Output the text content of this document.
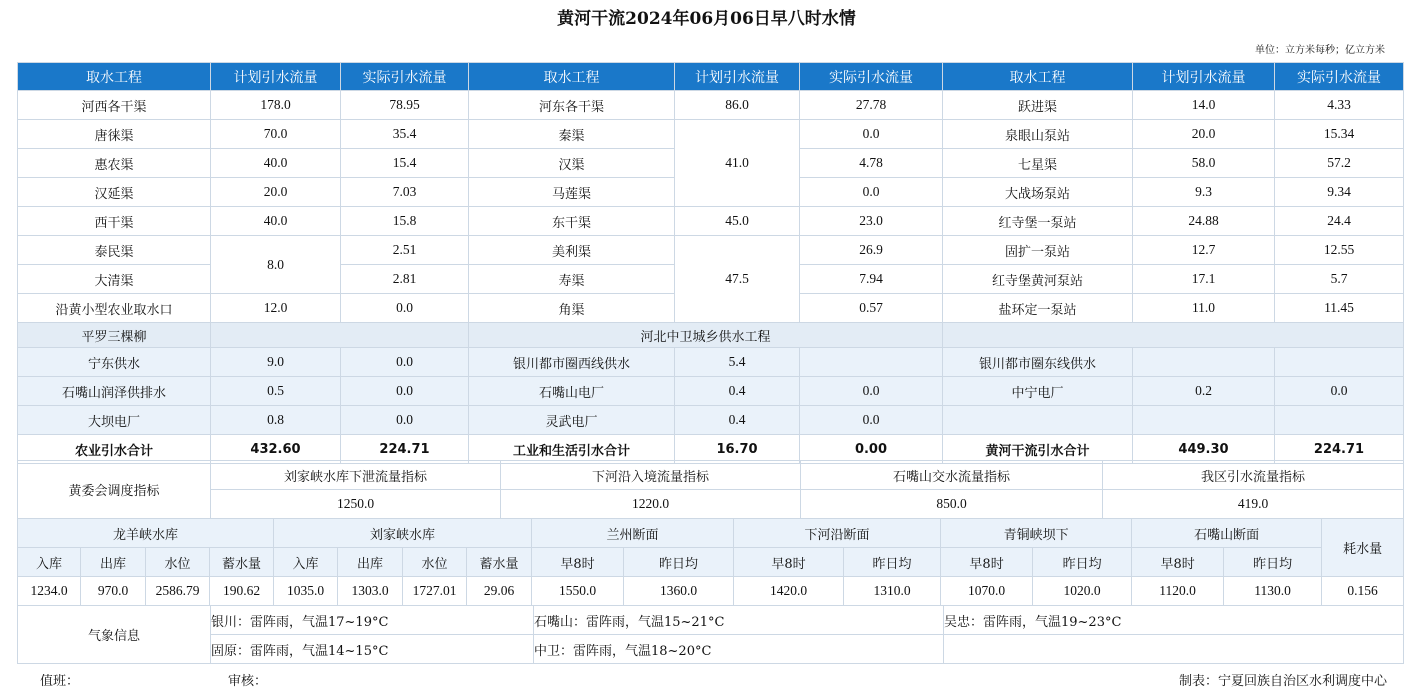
黄河干流2024年06月06日早八时水情
单位：立方米每秒；亿立方米
取水工程	计划引水流量	实际引水流量	取水工程	计划引水流量	实际引水流量	取水工程	计划引水流量	实际引水流量
河西各干渠	178.0	78.95	河东各干渠	86.0	27.78	跃进渠	14.0	4.33
唐徕渠	70.0	35.4	秦渠	41.0	0.0	泉眼山泵站	20.0	15.34
惠农渠	40.0	15.4	汉渠		4.78	七星渠	58.0	57.2
汉延渠	20.0	7.03	马莲渠		0.0	大战场泵站	9.3	9.34
西干渠	40.0	15.8	东干渠	45.0	23.0	红寺堡一泵站	24.88	24.4
泰民渠	8.0	2.51	美利渠	47.5	26.9	固扩一泵站	12.7	12.55
大清渠		2.81	寿渠		7.94	红寺堡黄河泵站	17.1	5.7
沿黄小型农业取水口	12.0	0.0	角渠		0.57	盐环定一泵站	11.0	11.45
平罗三棵柳			河北中卫城乡供水工程					
宁东供水	9.0	0.0	银川都市圈西线供水	5.4		银川都市圈东线供水		
石嘴山润泽供排水	0.5	0.0	石嘴山电厂	0.4	0.0	中宁电厂	0.2	0.0
大坝电厂	0.8	0.0	灵武电厂	0.4	0.0			
农业引水合计	432.60	224.71	工业和生活引水合计	16.70	0.00	黄河干流引水合计	449.30	224.71
黄委会调度指标	刘家峡水库下泄流量指标	下河沿入境流量指标	石嘴山交水流量指标	我区引水流量指标
	1250.0	1220.0	850.0	419.0
龙羊峡水库				刘家峡水库				兰州断面		下河沿断面		青铜峡坝下		石嘴山断面		耗水量
入库	出库	水位	蓄水量	入库	出库	水位	蓄水量	早8时	昨日均	早8时	昨日均	早8时	昨日均	早8时	昨日均	
1234.0	970.0	2586.79	190.62	1035.0	1303.0	1727.01	29.06	1550.0	1360.0	1420.0	1310.0	1070.0	1020.0	1120.0	1130.0	0.156
气象信息	银川：雷阵雨，气温17~19°C	石嘴山：雷阵雨，气温15~21°C	吴忠：雷阵雨，气温19~23°C
	固原：雷阵雨，气温14~15°C	中卫：雷阵雨，气温18~20°C	
值班：	审核：	制表：宁夏回族自治区水利调度中心
